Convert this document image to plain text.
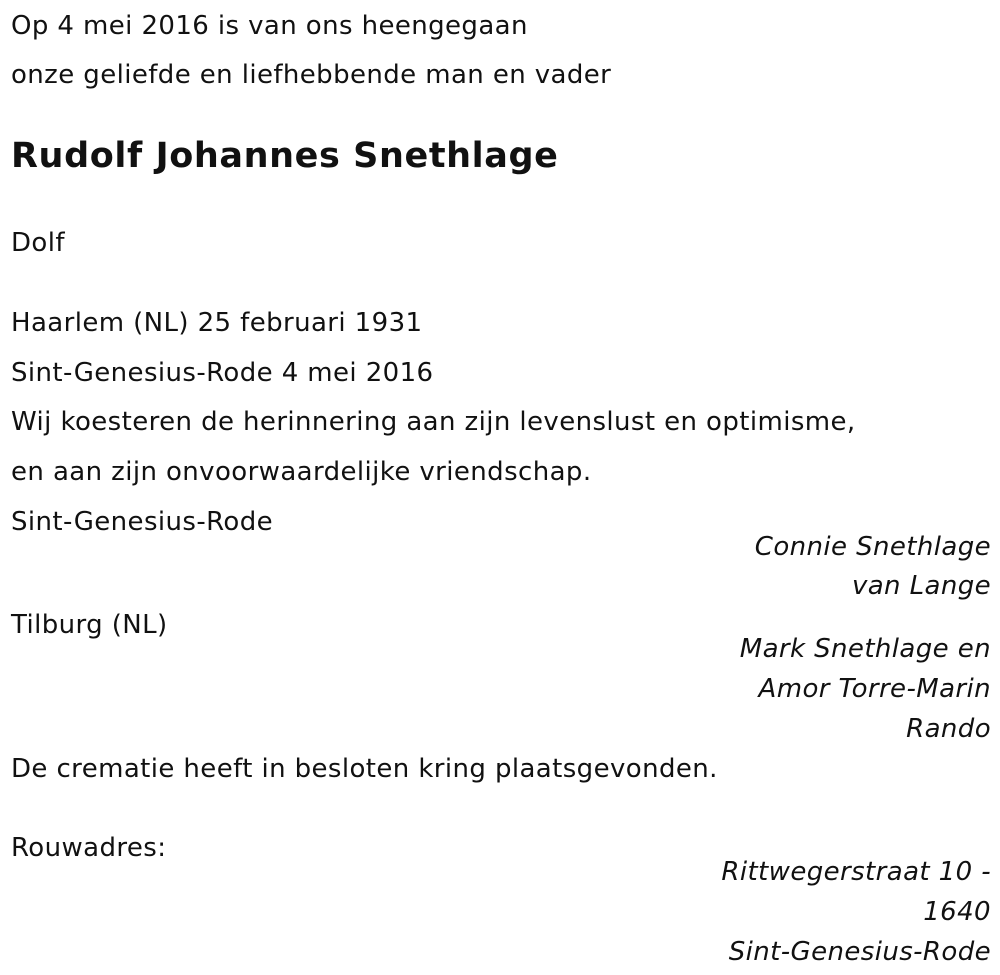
Op 4 mei 2016 is van ons heengegaan
onze geliefde en liefhebbende man en vader
Rudolf Johannes Snethlage
Dolf
Haarlem (NL) 25 februari 1931
Sint-Genesius-Rode 4 mei 2016
Wij koesteren de herinnering aan zijn levenslust en optimisme,
en aan zijn onvoorwaardelijke vriendschap.
Sint-Genesius-Rode
Connie Snethlage
van Lange
Tilburg (NL)
Mark Snethlage en
Amor Torre-Marin
Rando
De crematie heeft in besloten kring plaatsgevonden.
Rouwadres:
Rittwegerstraat 10 -
1640
Sint-Genesius-Rode
